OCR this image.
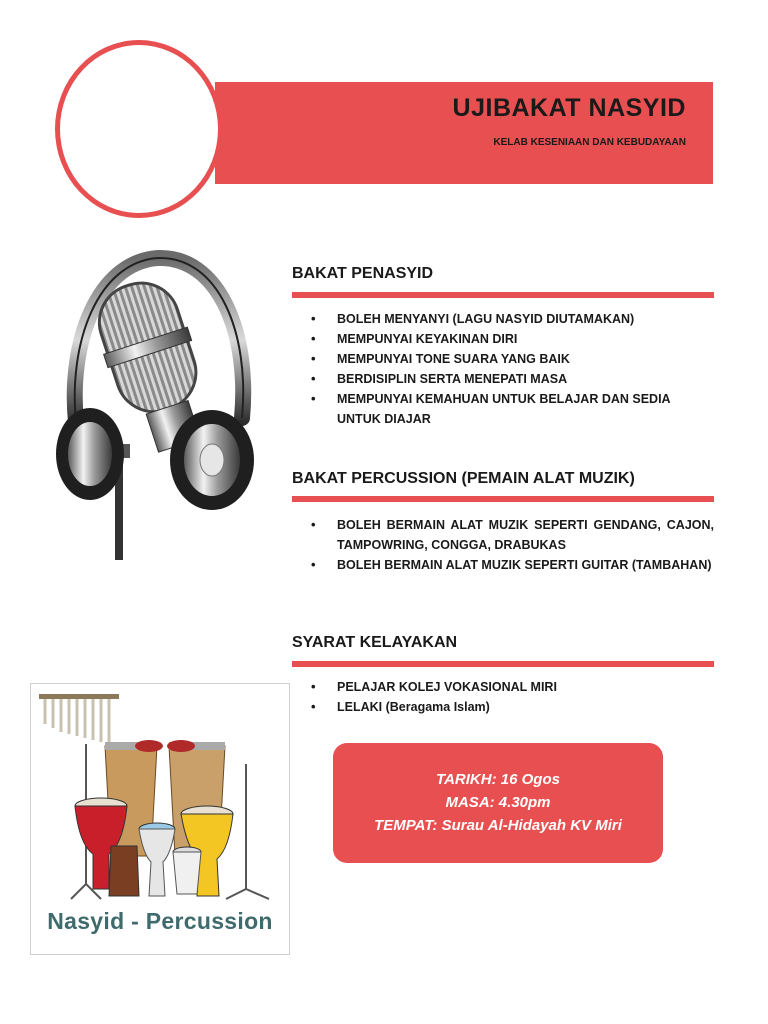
UJIBAKAT NASYID

KELAB KESENIAAN DAN KEBUDAYAAN

BAKAT PENASYID
• BOLEH MENYANYI (LAGU NASYID DIUTAMAKAN)
• MEMPUNYAI KEYAKINAN DIRI
• MEMPUNYAI TONE SUARA YANG BAIK
• BERDISIPLIN SERTA MENEPATI MASA
• MEMPUNYAI KEMAHUAN UNTUK BELAJAR DAN SEDIA UNTUK DIAJAR
BAKAT PERCUSSION (PEMAIN ALAT MUZIK)
• BOLEH BERMAIN ALAT MUZIK SEPERTI GENDANG, CAJON, TAMPOWRING, CONGGA, DRABUKAS
• BOLEH BERMAIN ALAT MUZIK SEPERTI GUITAR (TAMBAHAN)
SYARAT KELAYAKAN
• PELAJAR KOLEJ VOKASIONAL MIRI
• LELAKI (Beragama Islam)
TARIKH: 16 Ogos
MASA: 4.30pm
TEMPAT: Surau Al-Hidayah KV Miri

Nasyid - Percussion
